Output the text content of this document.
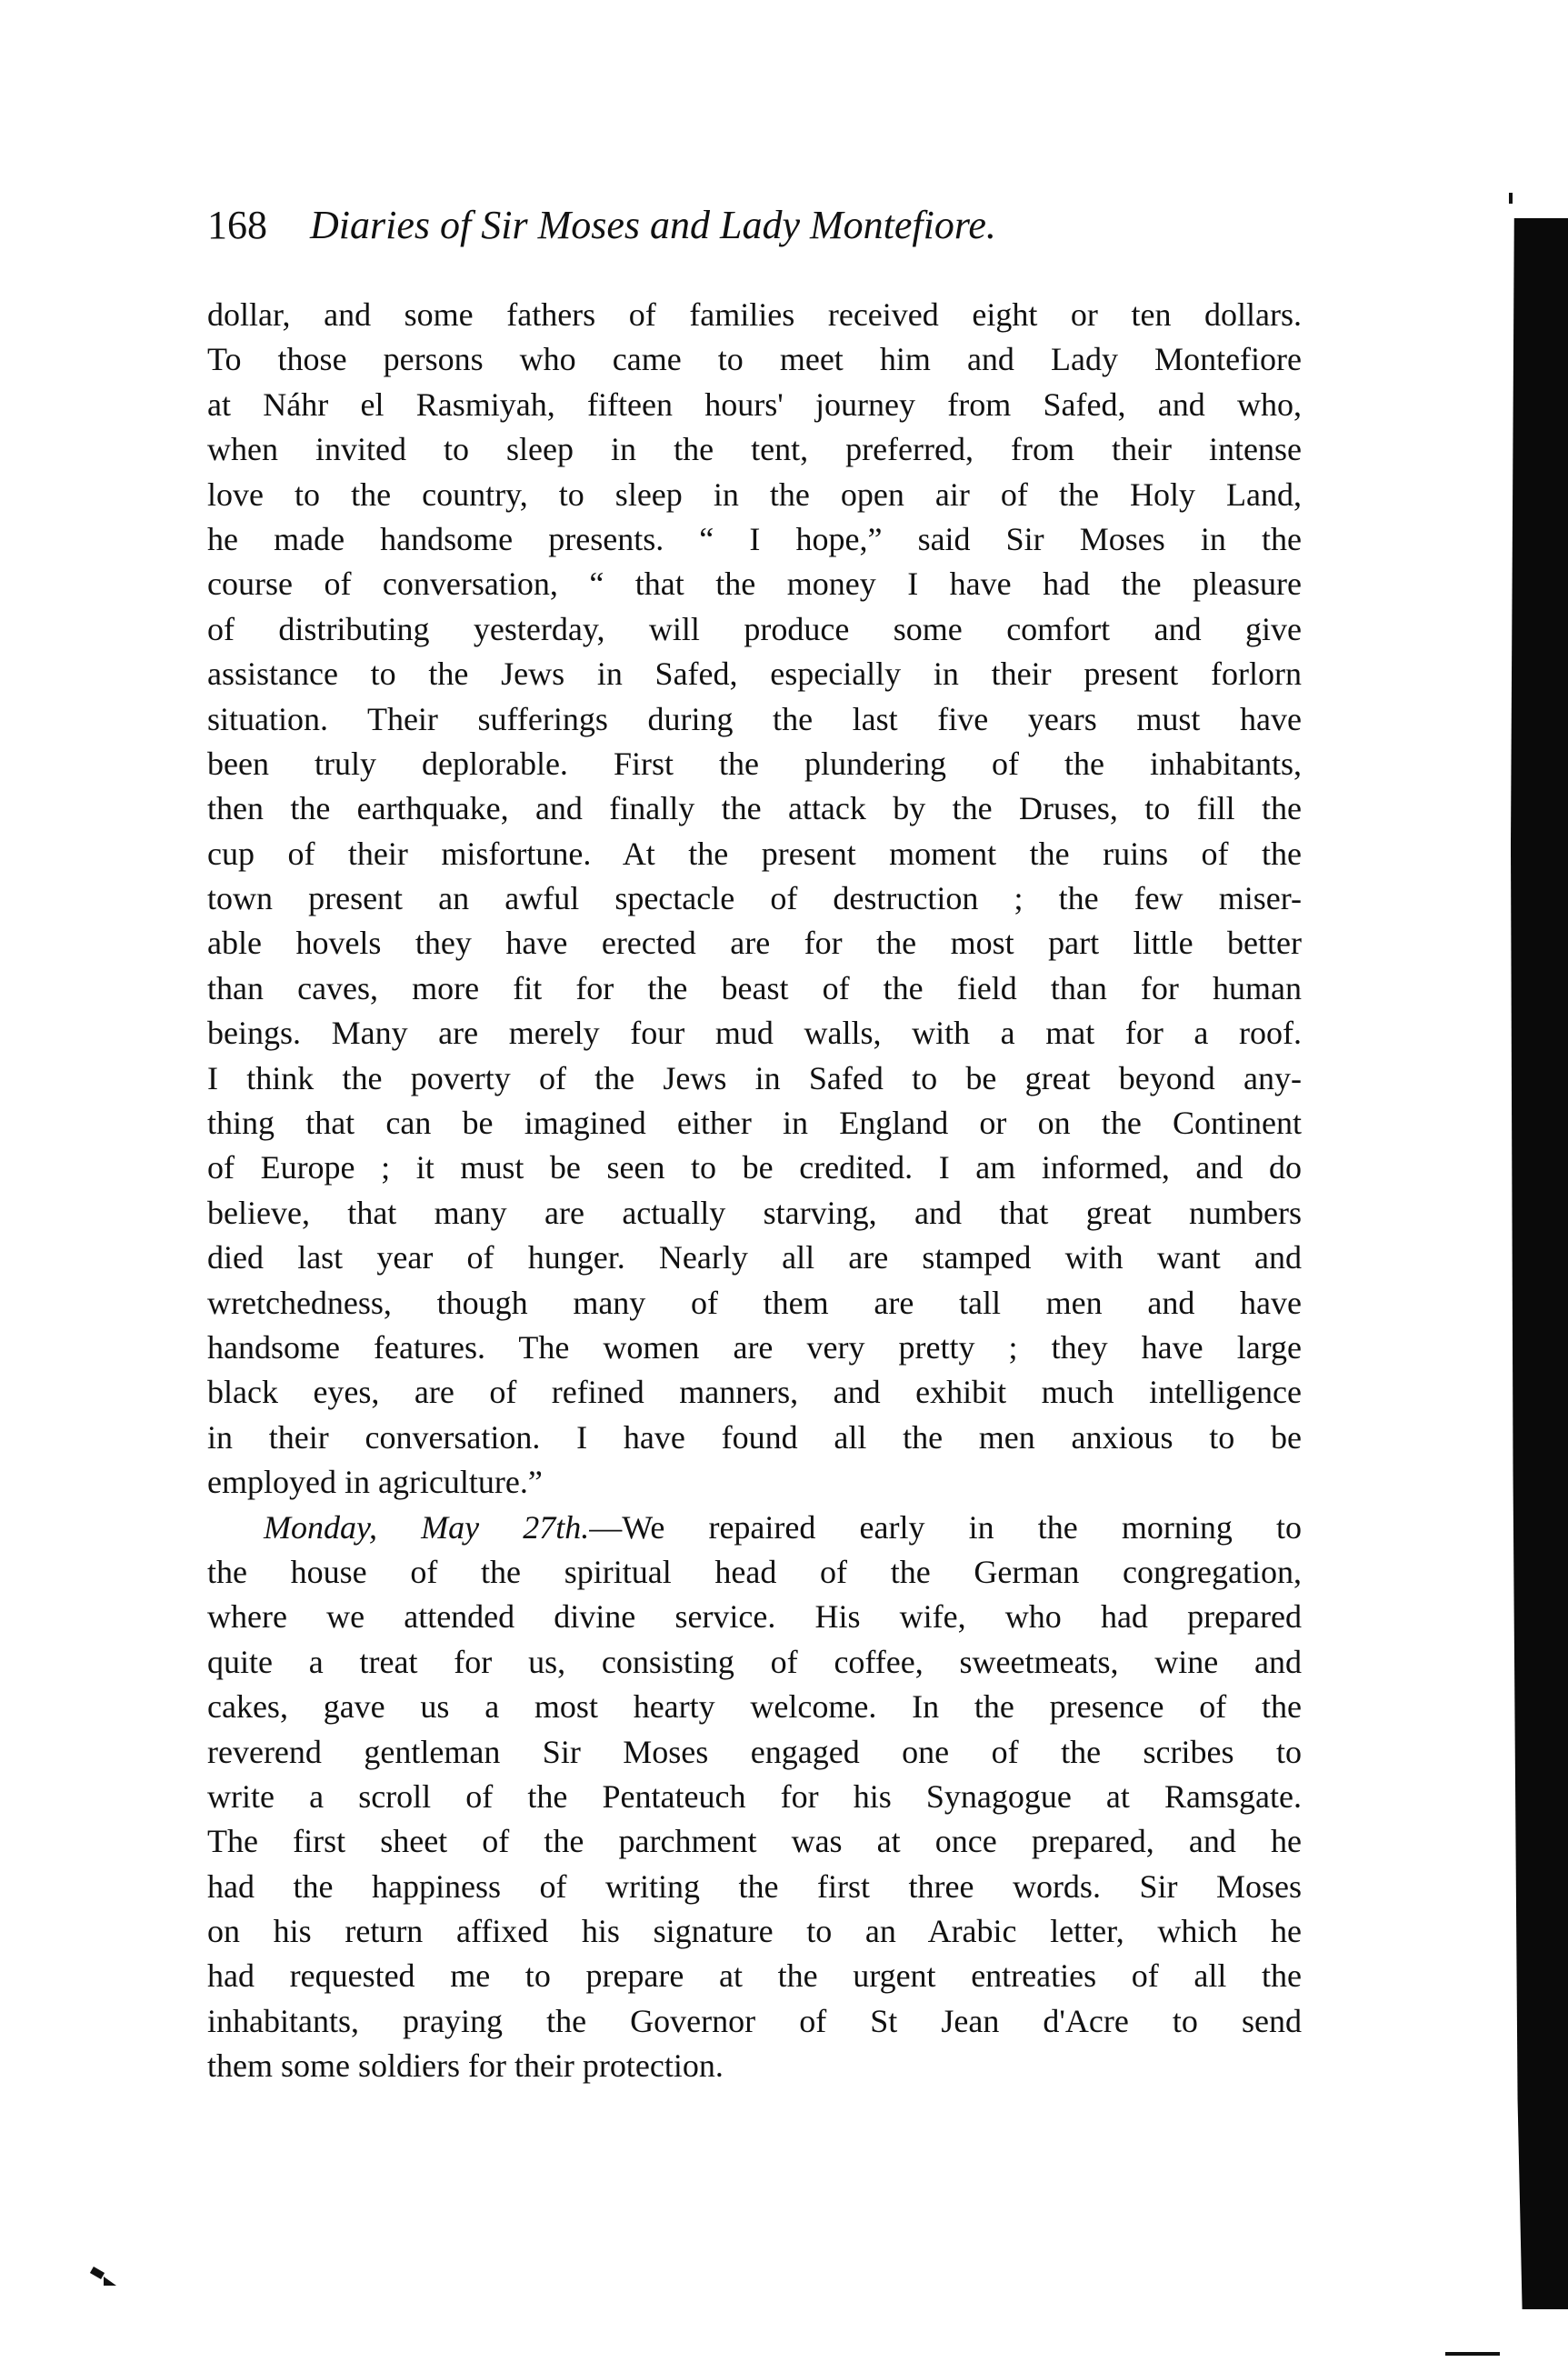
168 Diaries of Sir Moses and Lady Montefiore.
dollar, and some fathers of families received eight or ten dollars.
To those persons who came to meet him and Lady Montefiore
at Náhr el Rasmiyah, fifteen hours' journey from Safed, and who,
when invited to sleep in the tent, preferred, from their intense
love to the country, to sleep in the open air of the Holy Land,
he made handsome presents. “ I hope,” said Sir Moses in the
course of conversation, “ that the money I have had the pleasure
of distributing yesterday, will produce some comfort and give
assistance to the Jews in Safed, especially in their present forlorn
situation. Their sufferings during the last five years must have
been truly deplorable. First the plundering of the inhabitants,
then the earthquake, and finally the attack by the Druses, to fill the
cup of their misfortune. At the present moment the ruins of the
town present an awful spectacle of destruction ; the few miser-
able hovels they have erected are for the most part little better
than caves, more fit for the beast of the field than for human
beings. Many are merely four mud walls, with a mat for a roof.
I think the poverty of the Jews in Safed to be great beyond any-
thing that can be imagined either in England or on the Continent
of Europe ; it must be seen to be credited. I am informed, and do
believe, that many are actually starving, and that great numbers
died last year of hunger. Nearly all are stamped with want and
wretchedness, though many of them are tall men and have
handsome features. The women are very pretty ; they have large
black eyes, are of refined manners, and exhibit much intelligence
in their conversation. I have found all the men anxious to be
employed in agriculture.”
Monday, May 27th.—We repaired early in the morning to
the house of the spiritual head of the German congregation,
where we attended divine service. His wife, who had prepared
quite a treat for us, consisting of coffee, sweetmeats, wine and
cakes, gave us a most hearty welcome. In the presence of the
reverend gentleman Sir Moses engaged one of the scribes to
write a scroll of the Pentateuch for his Synagogue at Ramsgate.
The first sheet of the parchment was at once prepared, and he
had the happiness of writing the first three words. Sir Moses
on his return affixed his signature to an Arabic letter, which he
had requested me to prepare at the urgent entreaties of all the
inhabitants, praying the Governor of St Jean d'Acre to send
them some soldiers for their protection.
